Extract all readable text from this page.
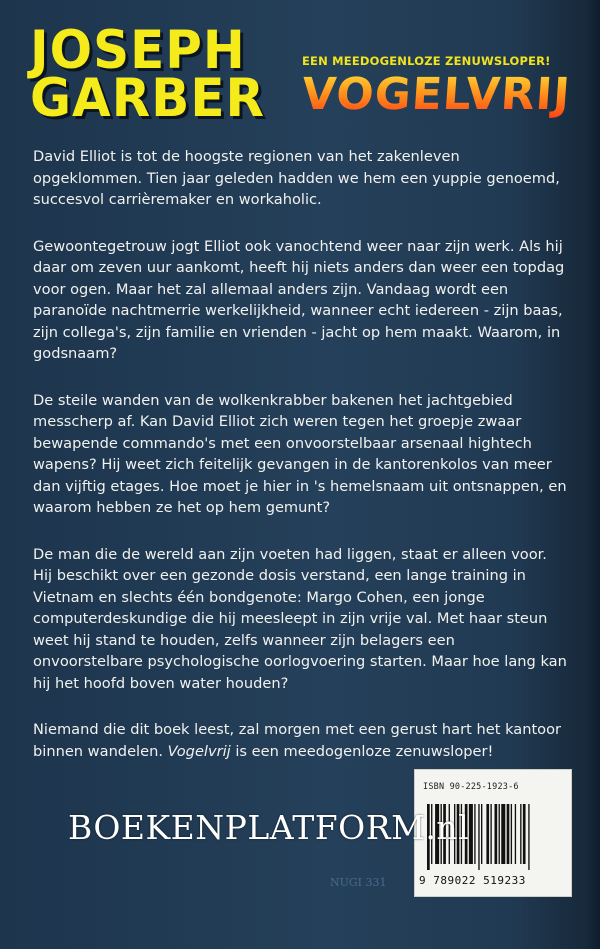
JOSEPH
GARBER
EEN MEEDOGENLOZE ZENUWSLOPER!
VOGELVRIJ

David Elliot is tot de hoogste regionen van het zakenleven opgeklommen. Tien jaar geleden hadden we hem een yuppie genoemd, succesvol carrièremaker en workaholic.

Gewoontegetrouw jogt Elliot ook vanochtend weer naar zijn werk. Als hij daar om zeven uur aankomt, heeft hij niets anders dan weer een topdag voor ogen. Maar het zal allemaal anders zijn. Vandaag wordt een paranoïde nachtmerrie werkelijkheid, wanneer echt iedereen - zijn baas, zijn collega's, zijn familie en vrienden - jacht op hem maakt. Waarom, in godsnaam?

De steile wanden van de wolkenkrabber bakenen het jachtgebied messcherp af. Kan David Elliot zich weren tegen het groepje zwaar bewapende commando's met een onvoorstelbaar arsenaal hightech wapens? Hij weet zich feitelijk gevangen in de kantorenkolos van meer dan vijftig etages. Hoe moet je hier in 's hemelsnaam uit ontsnappen, en waarom hebben ze het op hem gemunt?

De man die de wereld aan zijn voeten had liggen, staat er alleen voor. Hij beschikt over een gezonde dosis verstand, een lange training in Vietnam en slechts één bondgenote: Margo Cohen, een jonge computerdeskundige die hij meesleept in zijn vrije val. Met haar steun weet hij stand te houden, zelfs wanneer zijn belagers een onvoorstelbare psychologische oorlogvoering starten. Maar hoe lang kan hij het hoofd boven water houden?

Niemand die dit boek leest, zal morgen met een gerust hart het kantoor binnen wandelen. Vogelvrij is een meedogenloze zenuwsloper!

NUGI 331
ISBN 90-225-1923-6
9 789022 519233
BOEKENPLATFORM.nl
